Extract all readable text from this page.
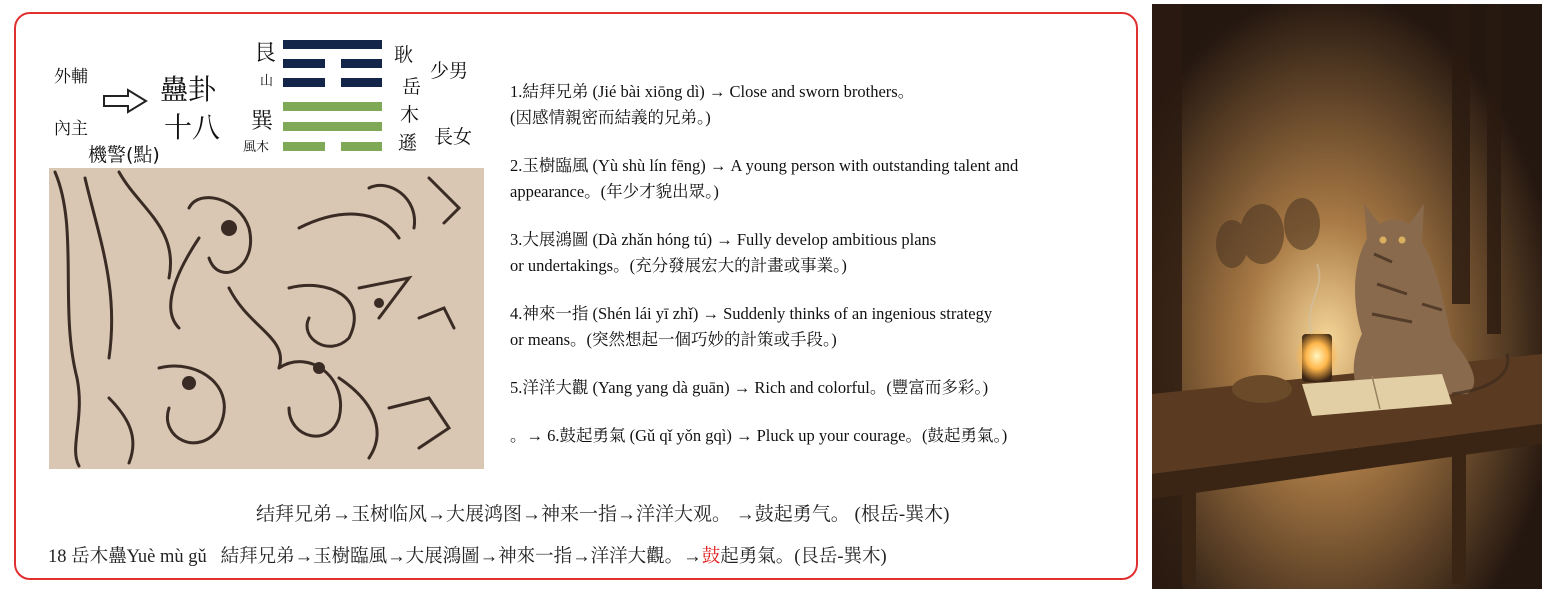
外輔
內主
蠱卦
十八
機警(點)
艮
山
巽
風木
耿
岳
木
遜
少男
長女
1.結拜兄弟 (Jié bài xiōng dì) → Close and sworn brothers。
(因感情親密而結義的兄弟。)
2.玉樹臨風 (Yù shù lín fēng) → A young person with outstanding talent and
appearance。(年少才貌出眾。)
3.大展鴻圖 (Dà zhǎn hóng tú) → Fully develop ambitious plans
or undertakings。(充分發展宏大的計畫或事業。)
4.神來一指 (Shén lái yī zhǐ) → Suddenly thinks of an ingenious strategy
or means。(突然想起一個巧妙的計策或手段。)
5.洋洋大觀 (Yang yang dà guān) → Rich and colorful。(豐富而多彩。)
。→ 6.鼓起勇氣 (Gǔ qǐ yǒn gqì) → Pluck up your courage。(鼓起勇氣。)
结拜兄弟→玉树临风→大展鸿图→神来一指→洋洋大观。 →鼓起勇气。 (根岳-巽木)
18 岳木蠱Yuè mù gǔ   結拜兄弟→玉樹臨風→大展鴻圖→神來一指→洋洋大觀。→鼓起勇氣。(艮岳-巽木)
